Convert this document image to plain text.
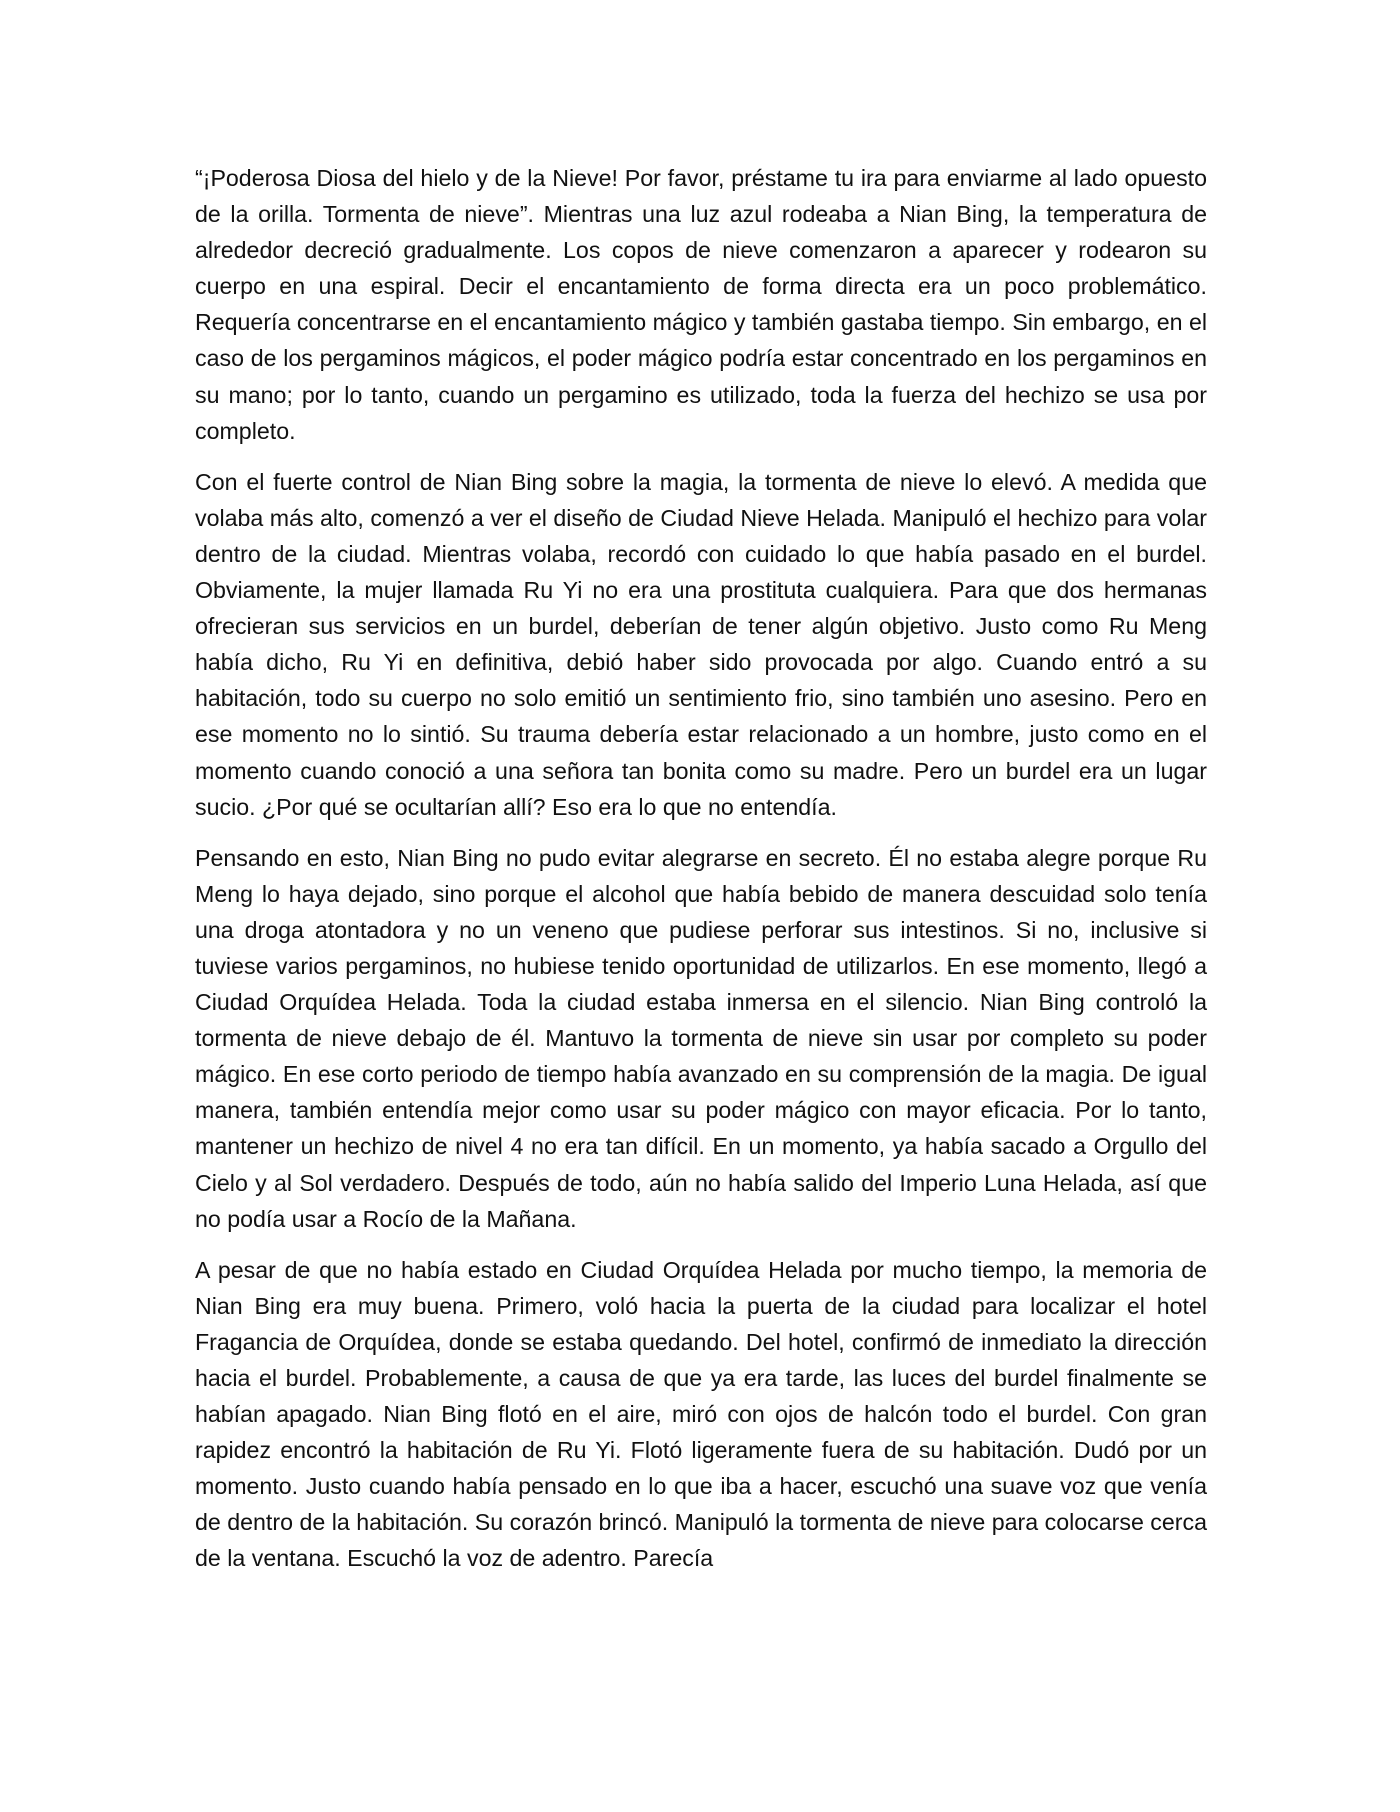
“¡Poderosa Diosa del hielo y de la Nieve! Por favor, préstame tu ira para enviarme al lado opuesto de la orilla. Tormenta de nieve”. Mientras una luz azul rodeaba a Nian Bing, la temperatura de alrededor decreció gradualmente. Los copos de nieve comenzaron a aparecer y rodearon su cuerpo en una espiral. Decir el encantamiento de forma directa era un poco problemático. Requería concentrarse en el encantamiento mágico y también gastaba tiempo. Sin embargo, en el caso de los pergaminos mágicos, el poder mágico podría estar concentrado en los pergaminos en su mano; por lo tanto, cuando un pergamino es utilizado, toda la fuerza del hechizo se usa por completo.

Con el fuerte control de Nian Bing sobre la magia, la tormenta de nieve lo elevó. A medida que volaba más alto, comenzó a ver el diseño de Ciudad Nieve Helada. Manipuló el hechizo para volar dentro de la ciudad. Mientras volaba, recordó con cuidado lo que había pasado en el burdel. Obviamente, la mujer llamada Ru Yi no era una prostituta cualquiera. Para que dos hermanas ofrecieran sus servicios en un burdel, deberían de tener algún objetivo. Justo como Ru Meng había dicho, Ru Yi en definitiva, debió haber sido provocada por algo. Cuando entró a su habitación, todo su cuerpo no solo emitió un sentimiento frio, sino también uno asesino. Pero en ese momento no lo sintió. Su trauma debería estar relacionado a un hombre, justo como en el momento cuando conoció a una señora tan bonita como su madre. Pero un burdel era un lugar sucio. ¿Por qué se ocultarían allí? Eso era lo que no entendía.

Pensando en esto, Nian Bing no pudo evitar alegrarse en secreto. Él no estaba alegre porque Ru Meng lo haya dejado, sino porque el alcohol que había bebido de manera descuidad solo tenía una droga atontadora y no un veneno que pudiese perforar sus intestinos. Si no, inclusive si tuviese varios pergaminos, no hubiese tenido oportunidad de utilizarlos. En ese momento, llegó a Ciudad Orquídea Helada. Toda la ciudad estaba inmersa en el silencio. Nian Bing controló la tormenta de nieve debajo de él. Mantuvo la tormenta de nieve sin usar por completo su poder mágico. En ese corto periodo de tiempo había avanzado en su comprensión de la magia. De igual manera, también entendía mejor como usar su poder mágico con mayor eficacia. Por lo tanto, mantener un hechizo de nivel 4 no era tan difícil. En un momento, ya había sacado a Orgullo del Cielo y al Sol verdadero. Después de todo, aún no había salido del Imperio Luna Helada, así que no podía usar a Rocío de la Mañana.

A pesar de que no había estado en Ciudad Orquídea Helada por mucho tiempo, la memoria de Nian Bing era muy buena. Primero, voló hacia la puerta de la ciudad para localizar el hotel Fragancia de Orquídea, donde se estaba quedando. Del hotel, confirmó de inmediato la dirección hacia el burdel. Probablemente, a causa de que ya era tarde, las luces del burdel finalmente se habían apagado. Nian Bing flotó en el aire, miró con ojos de halcón todo el burdel. Con gran rapidez encontró la habitación de Ru Yi. Flotó ligeramente fuera de su habitación. Dudó por un momento. Justo cuando había pensado en lo que iba a hacer, escuchó una suave voz que venía de dentro de la habitación. Su corazón brincó. Manipuló la tormenta de nieve para colocarse cerca de la ventana. Escuchó la voz de adentro. Parecía
